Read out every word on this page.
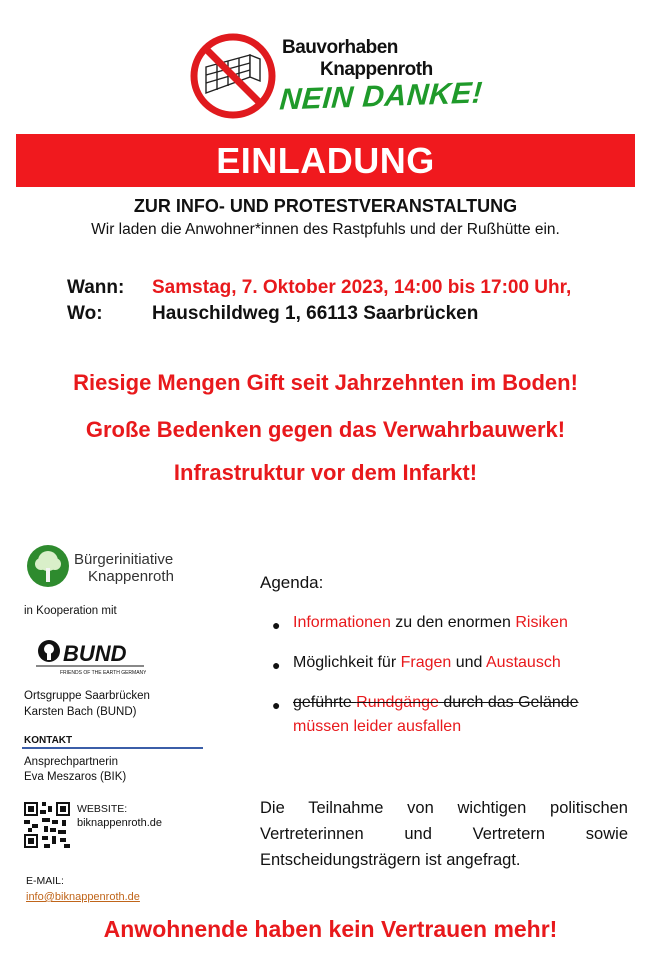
Bauvorhaben
Knappenroth
NEIN DANKE!
EINLADUNG
ZUR INFO- UND PROTESTVERANSTALTUNG
Wir laden die Anwohner*innen des Rastpfuhls und der Rußhütte ein.
Wann: Samstag, 7. Oktober 2023, 14:00 bis 17:00 Uhr,
Wo:	Hauschildweg 1, 66113 Saarbrücken
Riesige Mengen Gift seit Jahrzehnten im Boden!
Große Bedenken gegen das Verwahrbauwerk!
Infrastruktur vor dem Infarkt!
Bürgerinitiative
Knappenroth
in Kooperation mit
BUND
FRIENDS OF THE EARTH GERMANY
Ortsgruppe Saarbrücken
Karsten Bach (BUND)
KONTAKT
Ansprechpartnerin
Eva Meszaros (BIK)
WEBSITE:
biknappenroth.de
E-MAIL:
info@biknappenroth.de
Agenda:
● Informationen zu den enormen Risiken
● Möglichkeit für Fragen und Austausch
● geführte Rundgänge durch das Gelände
müssen leider ausfallen
Die Teilnahme von wichtigen politischen Vertreterinnen und Vertretern sowie Entscheidungsträgern ist angefragt.
Anwohnende haben kein Vertrauen mehr!
